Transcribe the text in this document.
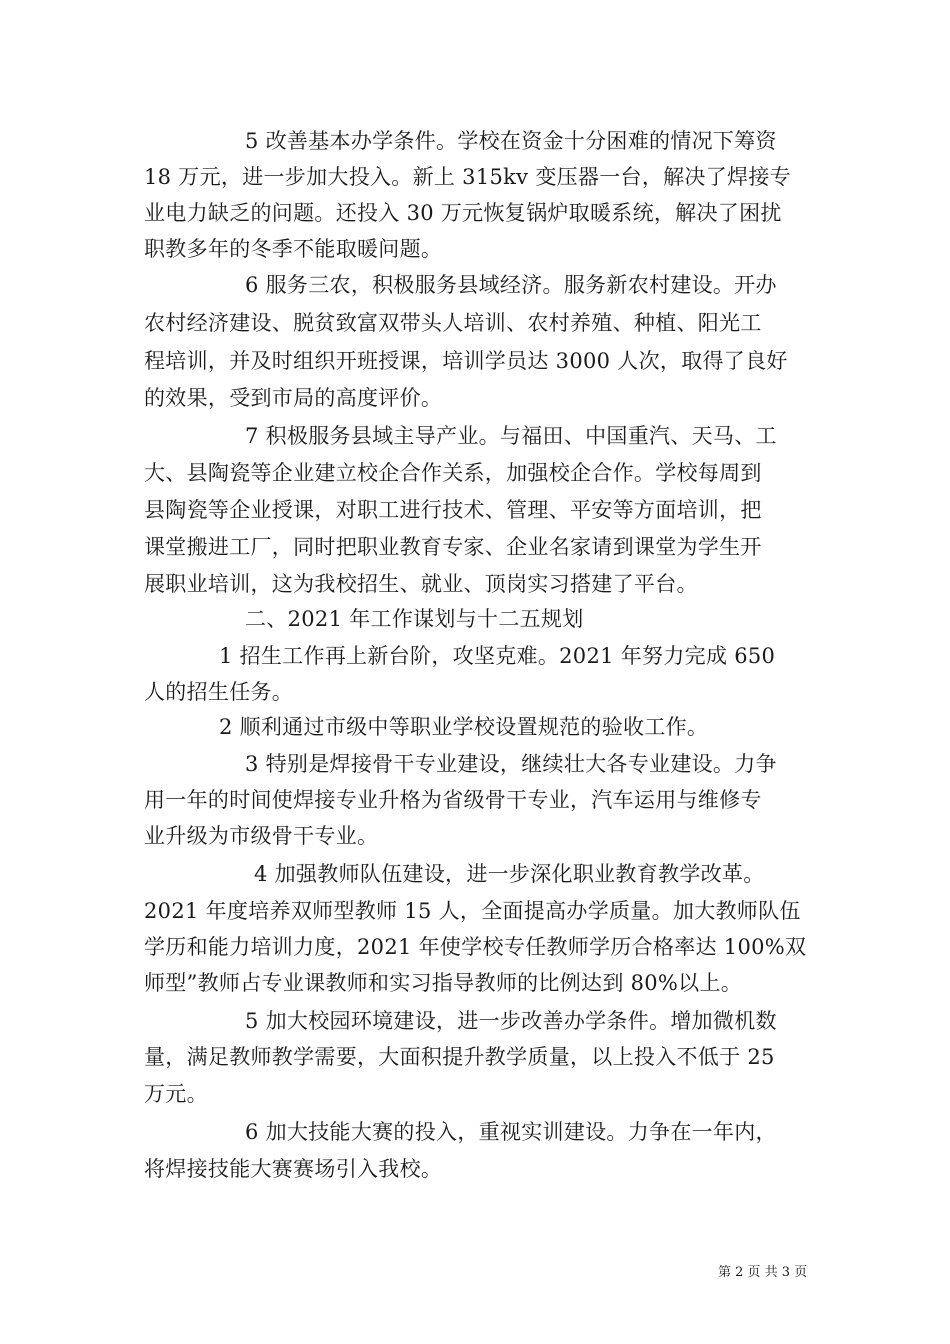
5 改善基本办学条件。学校在资金十分困难的情况下筹资
18 万元，进一步加大投入。新上 315kv 变压器一台，解决了焊接专
业电力缺乏的问题。还投入 30 万元恢复锅炉取暖系统，解决了困扰
职教多年的冬季不能取暖问题。
6 服务三农，积极服务县域经济。服务新农村建设。开办
农村经济建设、脱贫致富双带头人培训、农村养殖、种植、阳光工
程培训，并及时组织开班授课，培训学员达 3000 人次，取得了良好
的效果，受到市局的高度评价。
7 积极服务县域主导产业。与福田、中国重汽、天马、工
大、县陶瓷等企业建立校企合作关系，加强校企合作。学校每周到
县陶瓷等企业授课，对职工进行技术、管理、平安等方面培训，把
课堂搬进工厂，同时把职业教育专家、企业名家请到课堂为学生开
展职业培训，这为我校招生、就业、顶岗实习搭建了平台。
二、2021 年工作谋划与十二五规划
1 招生工作再上新台阶，攻坚克难。2021 年努力完成 650
人的招生任务。
2 顺利通过市级中等职业学校设置规范的验收工作。
3 特别是焊接骨干专业建设，继续壮大各专业建设。力争
用一年的时间使焊接专业升格为省级骨干专业，汽车运用与维修专
业升级为市级骨干专业。
4 加强教师队伍建设，进一步深化职业教育教学改革。
2021 年度培养双师型教师 15 人，全面提高办学质量。加大教师队伍
学历和能力培训力度，2021 年使学校专任教师学历合格率达 100%双
师型”教师占专业课教师和实习指导教师的比例达到 80%以上。
5 加大校园环境建设，进一步改善办学条件。增加微机数
量，满足教师教学需要，大面积提升教学质量，以上投入不低于 25
万元。
6 加大技能大赛的投入，重视实训建设。力争在一年内，
将焊接技能大赛赛场引入我校。
第 2 页 共 3 页
